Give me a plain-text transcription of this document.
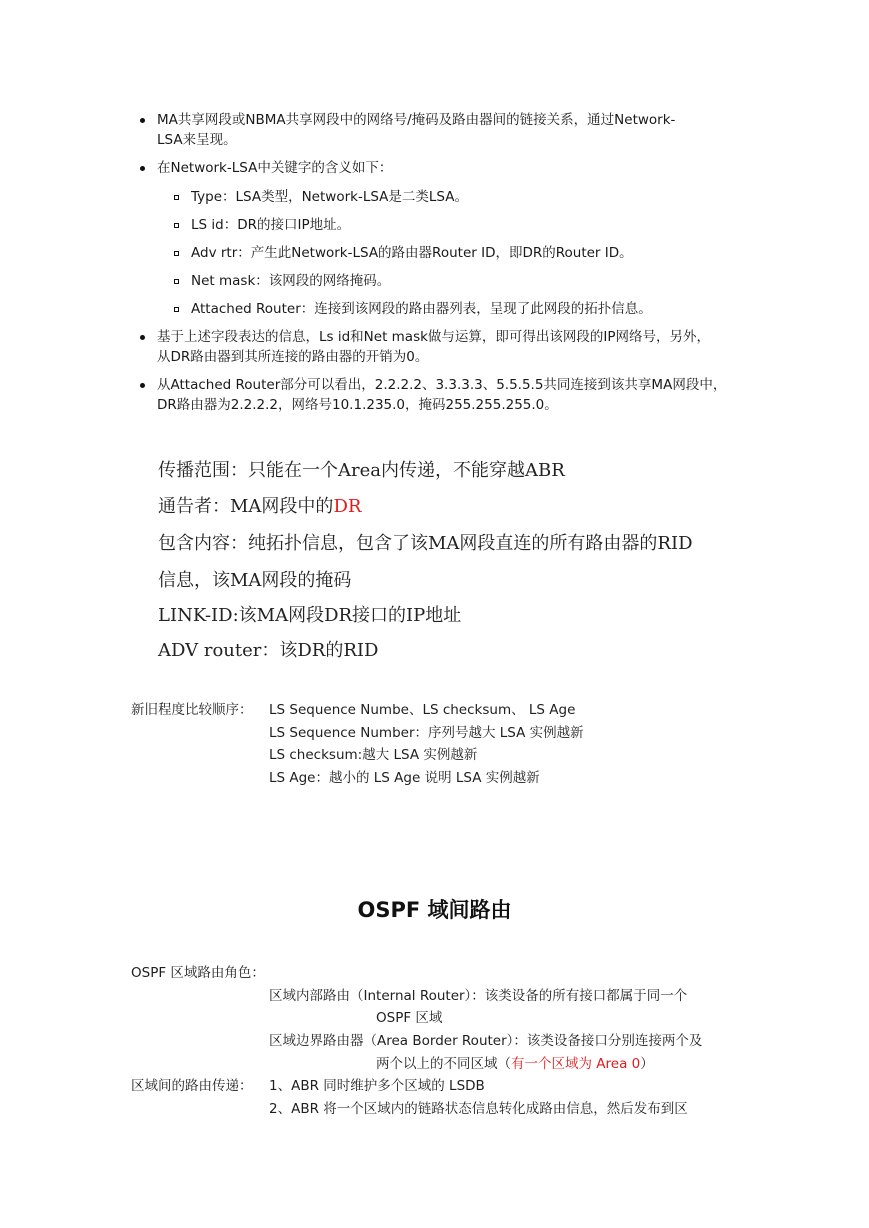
MA共享网段或NBMA共享网段中的网络号/掩码及路由器间的链接关系，通过Network-
LSA来呈现。
在Network-LSA中关键字的含义如下：
Type：LSA类型，Network-LSA是二类LSA。
LS id：DR的接口IP地址。
Adv rtr：产生此Network-LSA的路由器Router ID，即DR的Router ID。
Net mask：该网段的网络掩码。
Attached Router：连接到该网段的路由器列表，呈现了此网段的拓扑信息。
基于上述字段表达的信息，Ls id和Net mask做与运算，即可得出该网段的IP网络号，另外，
从DR路由器到其所连接的路由器的开销为0。
从Attached Router部分可以看出，2.2.2.2、3.3.3.3、5.5.5.5共同连接到该共享MA网段中，
DR路由器为2.2.2.2，网络号10.1.235.0，掩码255.255.255.0。
传播范围：只能在一个Area内传递，不能穿越ABR
通告者：MA网段中的DR
包含内容：纯拓扑信息，包含了该MA网段直连的所有路由器的RID
信息，该MA网段的掩码
LINK-ID:该MA网段DR接口的IP地址
ADV router：该DR的RID
新旧程度比较顺序： LS Sequence Numbe、LS checksum、 LS Age
LS Sequence Number：序列号越大 LSA 实例越新
LS checksum:越大 LSA 实例越新
LS Age：越小的 LS Age 说明 LSA 实例越新
OSPF 域间路由
OSPF 区域路由角色：
区域内部路由（Internal Router）：该类设备的所有接口都属于同一个
OSPF 区域
区域边界路由器（Area Border Router）：该类设备接口分别连接两个及
两个以上的不同区域（有一个区域为 Area 0）
区域间的路由传递： 1、ABR 同时维护多个区域的 LSDB
2、ABR 将一个区域内的链路状态信息转化成路由信息，然后发布到区
